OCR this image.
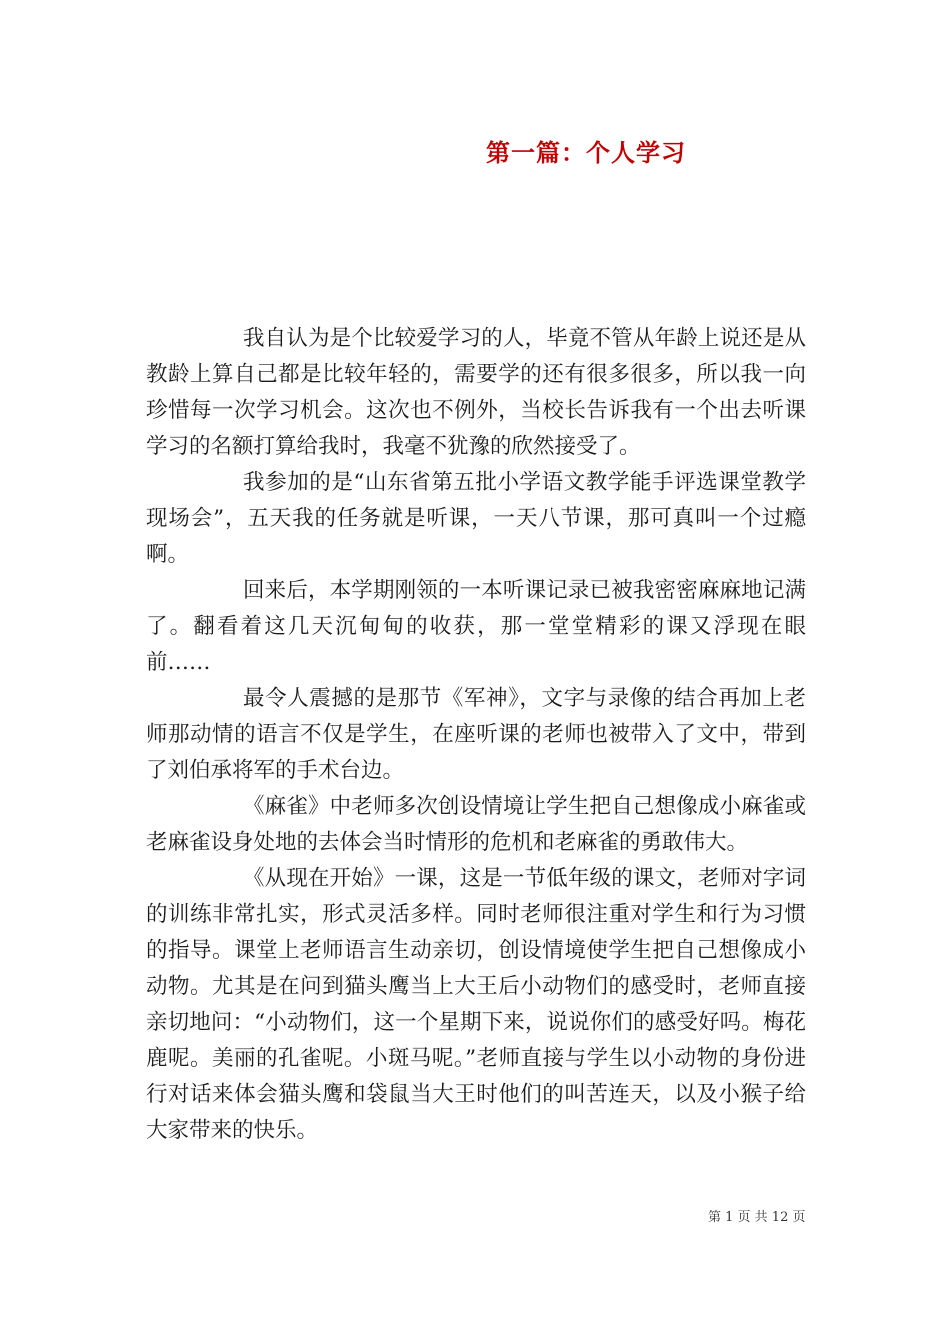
第一篇：个人学习

我自认为是个比较爱学习的人，毕竟不管从年龄上说还是从教龄上算自己都是比较年轻的，需要学的还有很多很多，所以我一向珍惜每一次学习机会。这次也不例外，当校长告诉我有一个出去听课学习的名额打算给我时，我毫不犹豫的欣然接受了。

我参加的是“山东省第五批小学语文教学能手评选课堂教学现场会”，五天我的任务就是听课，一天八节课，那可真叫一个过瘾啊。

回来后，本学期刚领的一本听课记录已被我密密麻麻地记满了。翻看着这几天沉甸甸的收获，那一堂堂精彩的课又浮现在眼前……

最令人震撼的是那节《军神》，文字与录像的结合再加上老师那动情的语言不仅是学生，在座听课的老师也被带入了文中，带到了刘伯承将军的手术台边。

《麻雀》中老师多次创设情境让学生把自己想像成小麻雀或老麻雀设身处地的去体会当时情形的危机和老麻雀的勇敢伟大。

《从现在开始》一课，这是一节低年级的课文，老师对字词的训练非常扎实，形式灵活多样。同时老师很注重对学生和行为习惯的指导。课堂上老师语言生动亲切，创设情境使学生把自己想像成小动物。尤其是在问到猫头鹰当上大王后小动物们的感受时，老师直接亲切地问：“小动物们，这一个星期下来，说说你们的感受好吗。梅花鹿呢。美丽的孔雀呢。小斑马呢。”老师直接与学生以小动物的身份进行对话来体会猫头鹰和袋鼠当大王时他们的叫苦连天，以及小猴子给大家带来的快乐。

第 1 页 共 12 页
